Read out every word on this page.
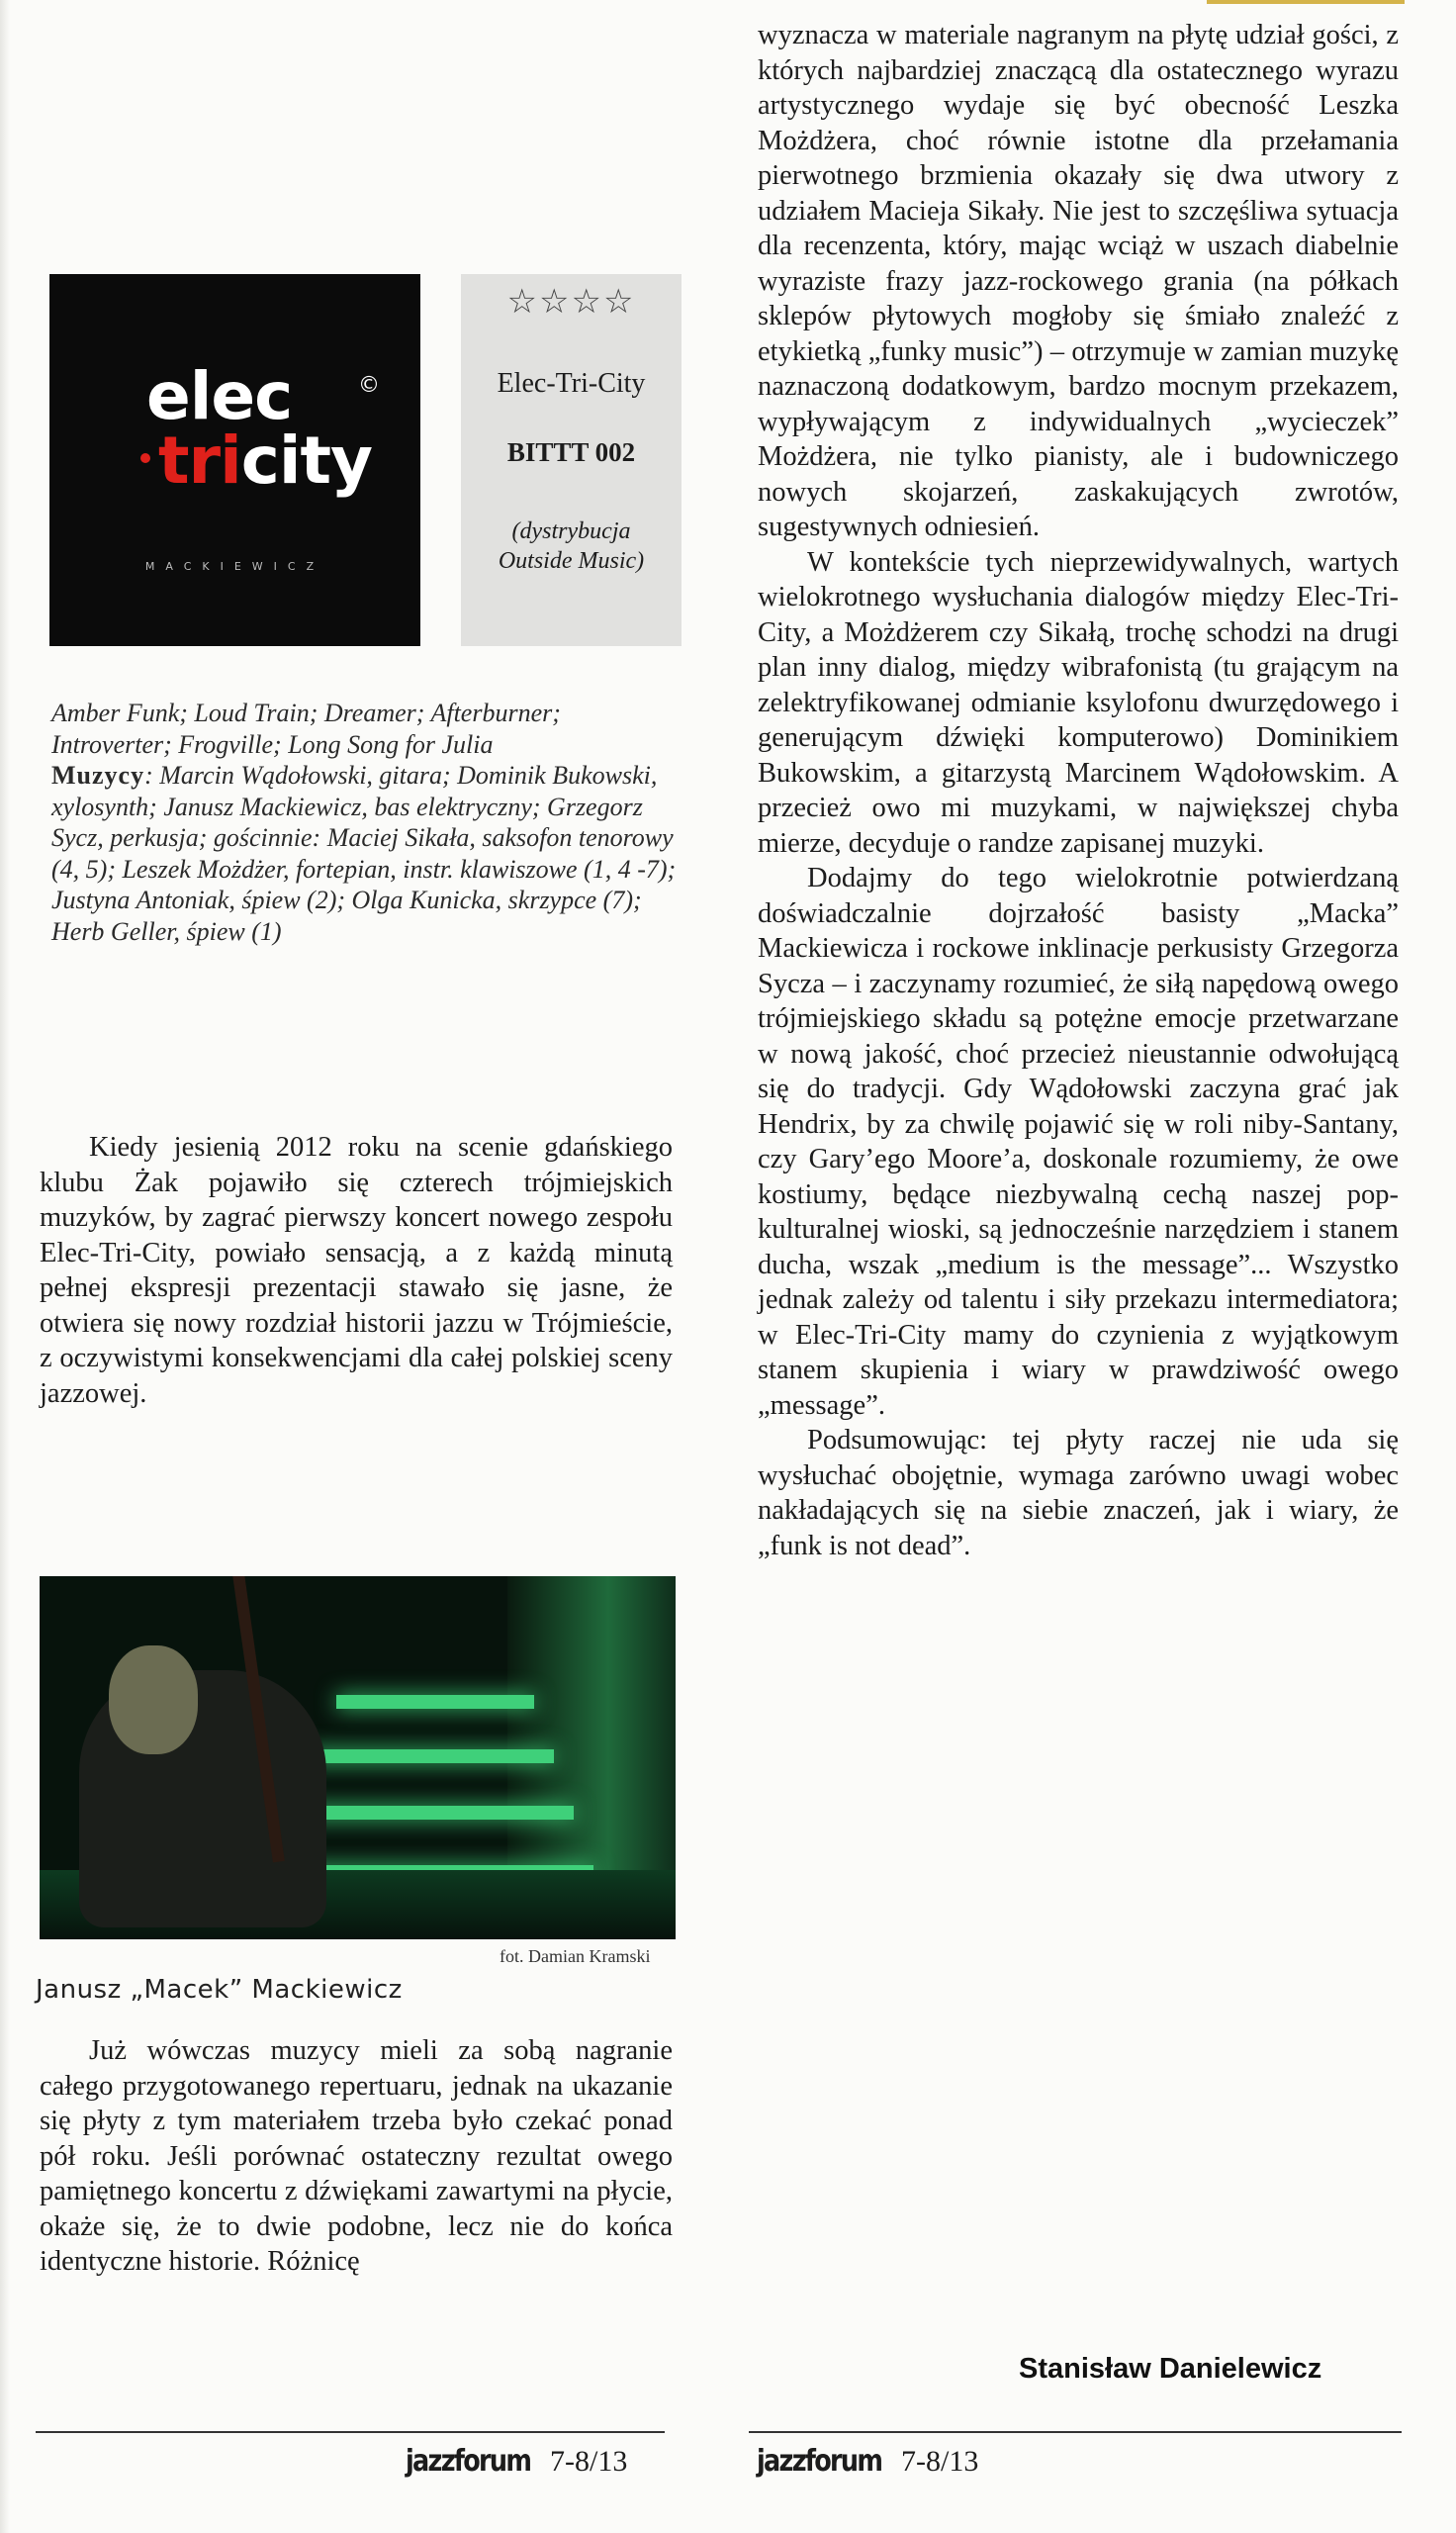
elec	©
tricity
MACKIEWICZ
☆☆☆☆
Elec-Tri-City
BITTT 002
(dystrybucja Outside Music)
Amber Funk; Loud Train; Dreamer; Afterburner; Introverter; Frogville; Long Song for Julia
Muzycy: Marcin Wądołowski, gitara; Dominik Bukowski, xylosynth; Janusz Mackiewicz, bas elektryczny; Grzegorz Sycz, perkusja; gościnnie: Maciej Sikała, saksofon tenorowy (4, 5); Leszek Możdżer, fortepian, instr. klawiszowe (1, 4 -7); Justyna Antoniak, śpiew (2); Olga Kunicka, skrzypce (7); Herb Geller, śpiew (1)

Kiedy jesienią 2012 roku na scenie gdańskiego klubu Żak pojawiło się czterech trójmiejskich muzyków, by zagrać pierwszy koncert nowego zespołu Elec-Tri-City, powiało sensacją, a z każdą minutą pełnej ekspresji prezentacji stawało się jasne, że otwiera się nowy rozdział historii jazzu w Trójmieście, z oczywistymi konsekwencjami dla całej polskiej sceny jazzowej.

fot. Damian Kramski
Janusz „Macek” Mackiewicz

Już wówczas muzycy mieli za sobą nagranie całego przygotowanego repertuaru, jednak na ukazanie się płyty z tym materiałem trzeba było czekać ponad pół roku. Jeśli porównać ostateczny rezultat owego pamiętnego koncertu z dźwiękami zawartymi na płycie, okaże się, że to dwie podobne, lecz nie do końca identyczne historie. Różnicę

wyznacza w materiale nagranym na płytę udział gości, z których najbardziej znaczącą dla ostatecznego wyrazu artystycznego wydaje się być obecność Leszka Możdżera, choć równie istotne dla przełamania pierwotnego brzmienia okazały się dwa utwory z udziałem Macieja Sikały. Nie jest to szczęśliwa sytuacja dla recenzenta, który, mając wciąż w uszach diabelnie wyraziste frazy jazz-rockowego grania (na półkach sklepów płytowych mogłoby się śmiało znaleźć z etykietką „funky music”) – otrzymuje w zamian muzykę naznaczoną dodatkowym, bardzo mocnym przekazem, wypływającym z indywidualnych „wycieczek” Możdżera, nie tylko pianisty, ale i budowniczego nowych skojarzeń, zaskakujących zwrotów, sugestywnych odniesień.

W kontekście tych nieprzewidywalnych, wartych wielokrotnego wysłuchania dialogów między Elec-Tri-City, a Możdżerem czy Sikałą, trochę schodzi na drugi plan inny dialog, między wibrafonistą (tu grającym na zelektryfikowanej odmianie ksylofonu dwurzędowego i generującym dźwięki komputerowo) Dominikiem Bukowskim, a gitarzystą Marcinem Wądołowskim. A przecież owo mi muzykami, w największej chyba mierze, decyduje o randze zapisanej muzyki.

Dodajmy do tego wielokrotnie potwierdzaną doświadczalnie dojrzałość basisty „Macka” Mackiewicza i rockowe inklinacje perkusisty Grzegorza Sycza – i zaczynamy rozumieć, że siłą napędową owego trójmiejskiego składu są potężne emocje przetwarzane w nową jakość, choć przecież nieustannie odwołującą się do tradycji. Gdy Wądołowski zaczyna grać jak Hendrix, by za chwilę pojawić się w roli niby-Santany, czy Gary’ego Moore’a, doskonale rozumiemy, że owe kostiumy, będące niezbywalną cechą naszej pop-kulturalnej wioski, są jednocześnie narzędziem i stanem ducha, wszak „medium is the message”... Wszystko jednak zależy od talentu i siły przekazu intermediatora; w Elec-Tri-City mamy do czynienia z wyjątkowym stanem skupienia i wiary w prawdziwość owego „message”.

Podsumowując: tej płyty raczej nie uda się wysłuchać obojętnie, wymaga zarówno uwagi wobec nakładających się na siebie znaczeń, jak i wiary, że „funk is not dead”.

Stanisław Danielewicz
jazzforum 7-8/13	jazzforum 7-8/13
